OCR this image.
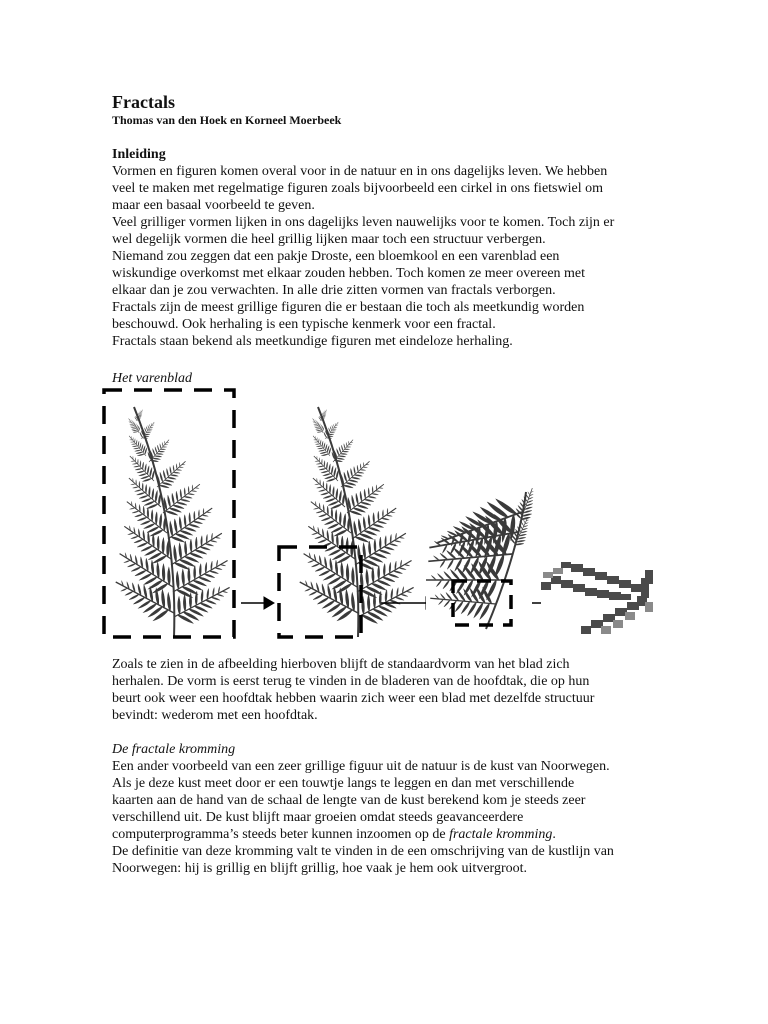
Fractals
Thomas van den Hoek en Korneel Moerbeek
Inleiding
Vormen en figuren komen overal voor in de natuur en in ons dagelijks leven. We hebben
veel te maken met regelmatige figuren zoals bijvoorbeeld een cirkel in ons fietswiel om
maar een basaal voorbeeld te geven.
Veel grilliger vormen lijken in ons dagelijks leven nauwelijks voor te komen. Toch zijn er
wel degelijk vormen die heel grillig lijken maar toch een structuur verbergen.
Niemand zou zeggen dat een pakje Droste, een bloemkool en een varenblad een
wiskundige overkomst met elkaar zouden hebben. Toch komen ze meer overeen met
elkaar dan je zou verwachten. In alle drie zitten vormen van fractals verborgen.
Fractals zijn de meest grillige figuren die er bestaan die toch als meetkundig worden
beschouwd. Ook herhaling is een typische kenmerk voor een fractal.
Fractals staan bekend als meetkundige figuren met eindeloze herhaling.
Het varenblad
Zoals te zien in de afbeelding hierboven blijft de standaardvorm van het blad zich
herhalen. De vorm is eerst terug te vinden in de bladeren van de hoofdtak, die op hun
beurt ook weer een hoofdtak hebben waarin zich weer een blad met dezelfde structuur
bevindt: wederom met een hoofdtak.
De fractale kromming
Een ander voorbeeld van een zeer grillige figuur uit de natuur is de kust van Noorwegen.
Als je deze kust meet door er een touwtje langs te leggen en dan met verschillende
kaarten aan de hand van de schaal de lengte van de kust berekend kom je steeds zeer
verschillend uit. De kust blijft maar groeien omdat steeds geavanceerdere
computerprogramma’s steeds beter kunnen inzoomen op de fractale kromming.
De definitie van deze kromming valt te vinden in de een omschrijving van de kustlijn van
Noorwegen: hij is grillig en blijft grillig, hoe vaak je hem ook uitvergroot.
